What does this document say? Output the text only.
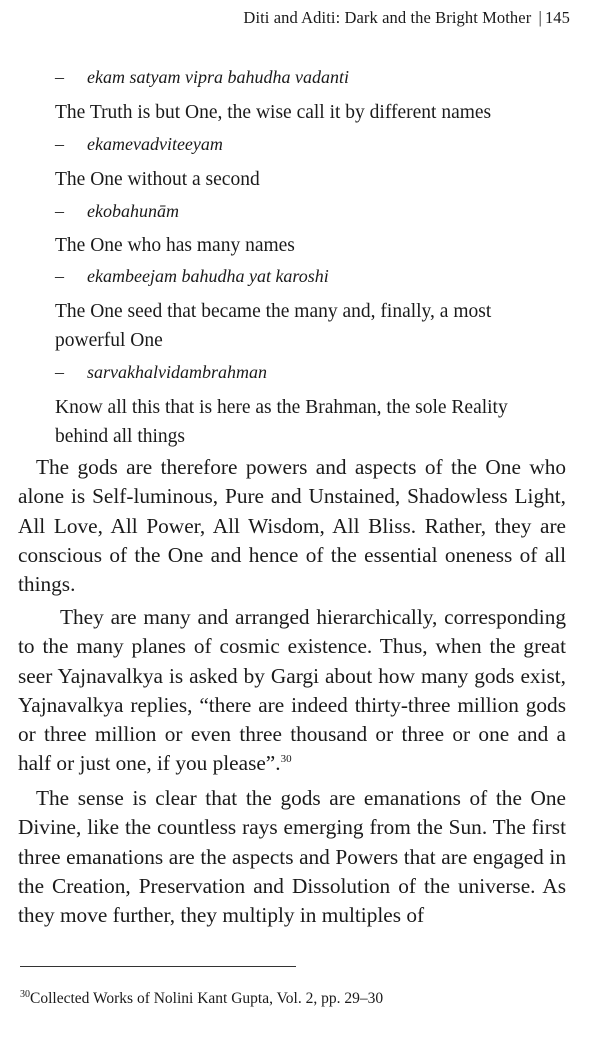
Diti and Aditi: Dark and the Bright Mother | 145
– ekam satyam vipra bahudha vadanti
The Truth is but One, the wise call it by different names
– ekamevadviteeyam
The One without a second
– ekobahunām
The One who has many names
– ekambeejam bahudha yat karoshi
The One seed that became the many and, finally, a most powerful One
– sarvakhalvidambrahman
Know all this that is here as the Brahman, the sole Reality behind all things

The gods are therefore powers and aspects of the One who alone is Self-luminous, Pure and Unstained, Shadowless Light, All Love, All Power, All Wisdom, All Bliss. Rather, they are conscious of the One and hence of the essential oneness of all things.

They are many and arranged hierarchically, corresponding to the many planes of cosmic existence. Thus, when the great seer Yajnavalkya is asked by Gargi about how many gods exist, Yajnavalkya replies, “there are indeed thirty-three million gods or three million or even three thousand or three or one and a half or just one, if you please”.$^{30}$

The sense is clear that the gods are emanations of the One Divine, like the countless rays emerging from the Sun. The first three emanations are the aspects and Powers that are engaged in the Creation, Preservation and Dissolution of the universe. As they move further, they multiply in multiples of

$^{30}$Collected Works of Nolini Kant Gupta, Vol. 2, pp. 29–30
